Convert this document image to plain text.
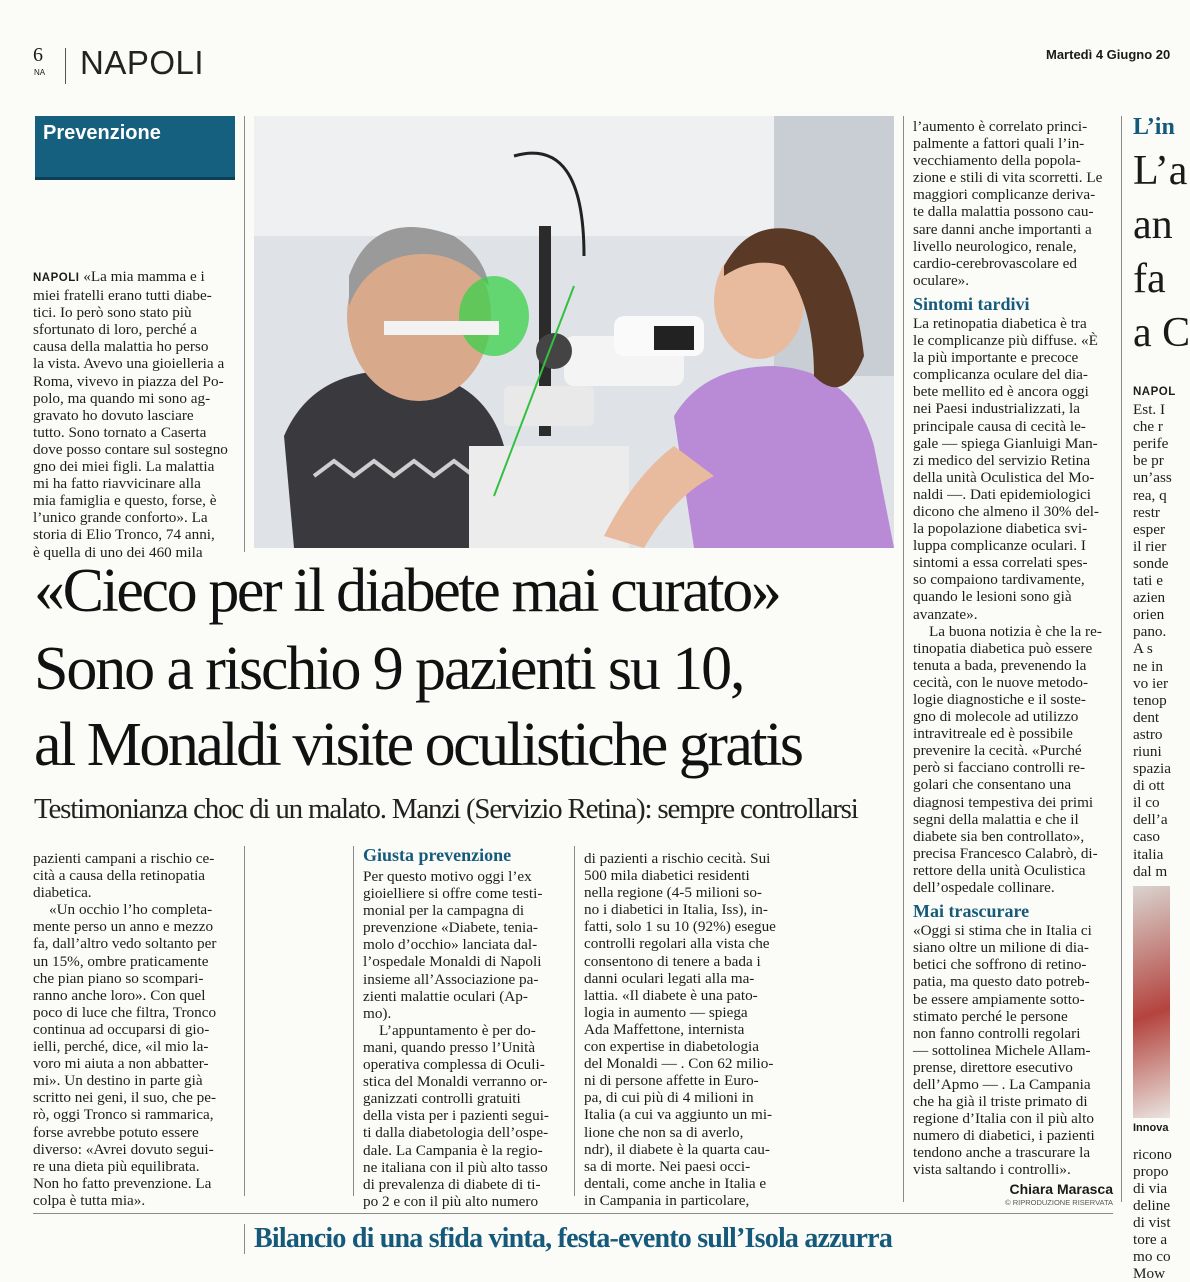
6
NA NAPOLI	Martedì 4 Giugno 20
Prevenzione

NAPOLI «La mia mamma e i

miei fratelli erano tutti diabe-

tici. Io però sono stato più

sfortunato di loro, perché a

causa della malattia ho perso

la vista. Avevo una gioielleria a

Roma, vivevo in piazza del Po-

polo, ma quando mi sono ag-

gravato ho dovuto lasciare

tutto. Sono tornato a Caserta

dove posso contare sul sostegno

gno dei miei figli. La malattia

mi ha fatto riavvicinare alla

mia famiglia e questo, forse, è

l’unico grande conforto». La

storia di Elio Tronco, 74 anni,

è quella di uno dei 460 mila

«Cieco per il diabete mai curato»
Sono a rischio 9 pazienti su 10,
al Monaldi visite oculistiche gratis
Testimonianza choc di un malato. Manzi (Servizio Retina): sempre controllarsi

pazienti campani a rischio ce-

cità a causa della retinopatia

diabetica.

«Un occhio l’ho completa-

mente perso un anno e mezzo

fa, dall’altro vedo soltanto per

un 15%, ombre praticamente

che pian piano so scompari-

ranno anche loro». Con quel

poco di luce che filtra, Tronco

continua ad occuparsi di gio-

ielli, perché, dice, «il mio la-

voro mi aiuta a non abbatter-

mi». Un destino in parte già

scritto nei geni, il suo, che pe-

rò, oggi Tronco si rammarica,

forse avrebbe potuto essere

diverso: «Avrei dovuto segui-

re una dieta più equilibrata.

Non ho fatto prevenzione. La

colpa è tutta mia».

Giusta prevenzione

Per questo motivo oggi l’ex

gioielliere si offre come testi-

monial per la campagna di

prevenzione «Diabete, tenia-

molo d’occhio» lanciata dal-

l’ospedale Monaldi di Napoli

insieme all’Associazione pa-

zienti malattie oculari (Ap-

mo).

L’appuntamento è per do-

mani, quando presso l’Unità

operativa complessa di Oculi-

stica del Monaldi verranno or-

ganizzati controlli gratuiti

della vista per i pazienti segui-

ti dalla diabetologia dell’ospe-

dale. La Campania è la regio-

ne italiana con il più alto tasso

di prevalenza di diabete di ti-

po 2 e con il più alto numero

di pazienti a rischio cecità. Sui

500 mila diabetici residenti

nella regione (4-5 milioni so-

no i diabetici in Italia, Iss), in-

fatti, solo 1 su 10 (92%) esegue

controlli regolari alla vista che

consentono di tenere a bada i

danni oculari legati alla ma-

lattia. «Il diabete è una pato-

logia in aumento — spiega

Ada Maffettone, internista

con expertise in diabetologia

del Monaldi — . Con 62 milio-

ni di persone affette in Euro-

pa, di cui più di 4 milioni in

Italia (a cui va aggiunto un mi-

lione che non sa di averlo,

ndr), il diabete è la quarta cau-

sa di morte. Nei paesi occi-

dentali, come anche in Italia e

in Campania in particolare,

l’aumento è correlato princi-

palmente a fattori quali l’in-

vecchiamento della popola-

zione e stili di vita scorretti. Le

maggiori complicanze deriva-

te dalla malattia possono cau-

sare danni anche importanti a

livello neurologico, renale,

cardio-cerebrovascolare ed

oculare».

Sintomi tardivi

La retinopatia diabetica è tra

le complicanze più diffuse. «È

la più importante e precoce

complicanza oculare del dia-

bete mellito ed è ancora oggi

nei Paesi industrializzati, la

principale causa di cecità le-

gale — spiega Gianluigi Man-

zi medico del servizio Retina

della unità Oculistica del Mo-

naldi —. Dati epidemiologici

dicono che almeno il 30% del-

la popolazione diabetica svi-

luppa complicanze oculari. I

sintomi a essa correlati spes-

so compaiono tardivamente,

quando le lesioni sono già

avanzate».

La buona notizia è che la re-

tinopatia diabetica può essere

tenuta a bada, prevenendo la

cecità, con le nuove metodo-

logie diagnostiche e il soste-

gno di molecole ad utilizzo

intravitreale ed è possibile

prevenire la cecità. «Purché

però si facciano controlli re-

golari che consentano una

diagnosi tempestiva dei primi

segni della malattia e che il

diabete sia ben controllato»,

precisa Francesco Calabrò, di-

rettore della unità Oculistica

dell’ospedale collinare.

Mai trascurare

«Oggi si stima che in Italia ci

siano oltre un milione di dia-

betici che soffrono di retino-

patia, ma questo dato potreb-

be essere ampiamente sotto-

stimato perché le persone

non fanno controlli regolari

— sottolinea Michele Allam-

prense, direttore esecutivo

dell’Apmo — . La Campania

che ha già il triste primato di

regione d’Italia con il più alto

numero di diabetici, i pazienti

tendono anche a trascurare la

vista saltando i controlli».

Chiara Marasca
© RIPRODUZIONE RISERVATA
L’in
L’a
an
fa
a C

NAPOL

Est. I

che r

perife

be pr

un’ass

rea, q

restr

esper

il rier

sonde

tati e

azien

orien

pano.

A s

ne in

vo ier

tenop

dent

astro

riuni

spazia

di ott

il co

dell’a

caso

italia

dal m

Innova

ricono

propo

di via

deline

di vist

tore a

mo co

Mow

Bilancio di una sfida vinta, festa-evento sull’Isola azzurra
